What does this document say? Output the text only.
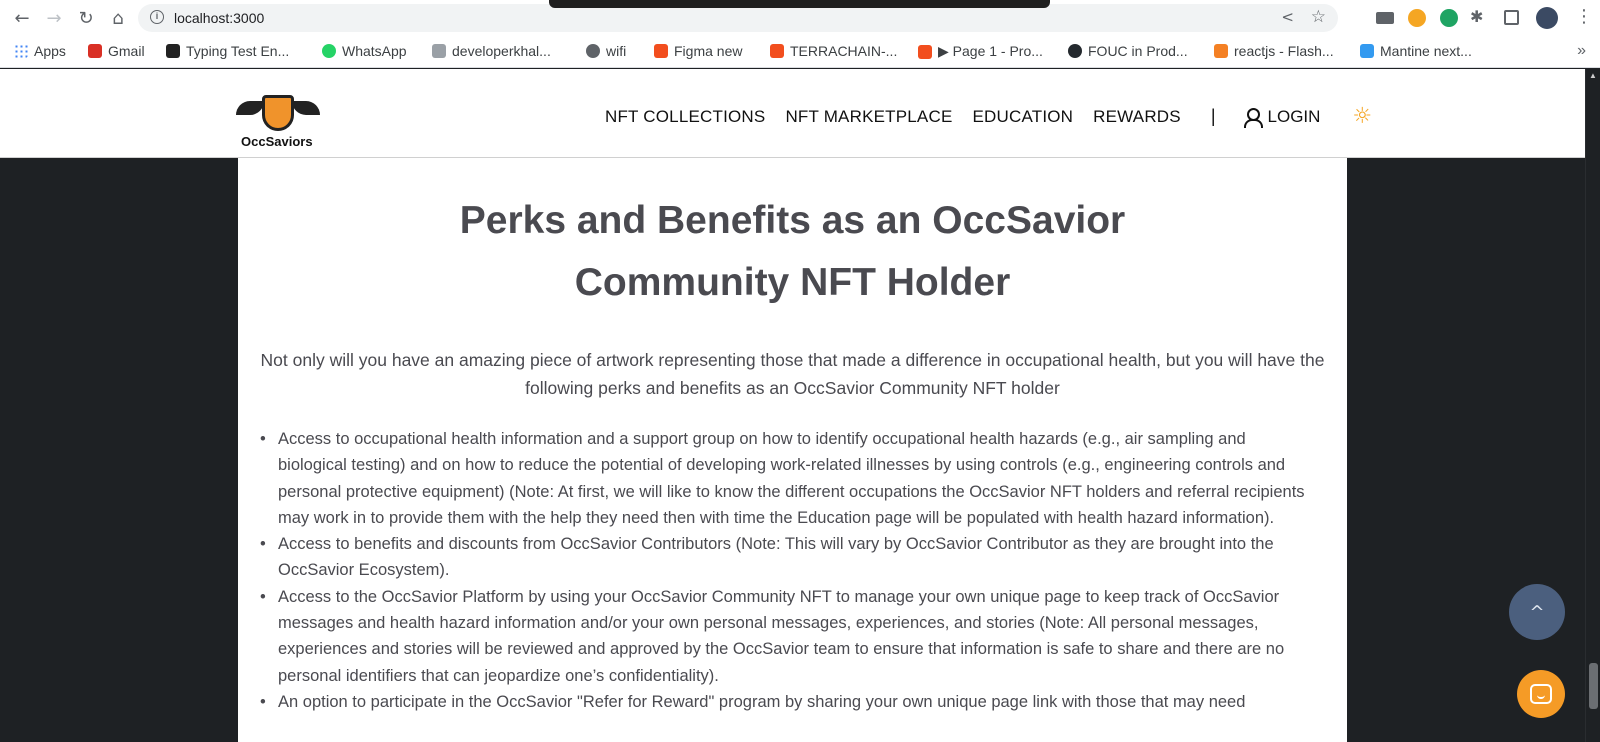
← → ↻	⌂	i	localhost:3000	< ☆	✱	⋮
Apps	Gmail	Typing Test En...	WhatsApp	developerkhal...	wifi	Figma new	TERRACHAIN-...	▶ Page 1 - Pro...	FOUC in Prod...	reactjs - Flash...	Mantine next...	»
OccSaviors
NFT COLLECTIONS NFT MARKETPLACE EDUCATION REWARDS |	LOGIN ☼
Perks and Benefits as an OccSavior
Community NFT Holder

Not only will you have an amazing piece of artwork representing those that made a difference in occupational health, but you will have the following perks and benefits as an OccSavior Community NFT holder

• Access to occupational health information and a support group on how to identify occupational health hazards (e.g., air sampling and biological testing) and on how to reduce the potential of developing work-related illnesses by using controls (e.g., engineering controls and personal protective equipment) (Note: At first, we will like to know the different occupations the OccSavior NFT holders and referral recipients may work in to provide them with the help they need then with time the Education page will be populated with health hazard information).
• Access to benefits and discounts from OccSavior Contributors (Note: This will vary by OccSavior Contributor as they are brought into the OccSavior Ecosystem).
• Access to the OccSavior Platform by using your OccSavior Community NFT to manage your own unique page to keep track of OccSavior messages and health hazard information and/or your own personal messages, experiences, and stories (Note: All personal messages, experiences and stories will be reviewed and approved by the OccSavior team to ensure that information is safe to share and there are no personal identifiers that can jeopardize one’s confidentiality).
• An option to participate in the OccSavior "Refer for Reward" program by sharing your own unique page link with those that may need
^
▲
